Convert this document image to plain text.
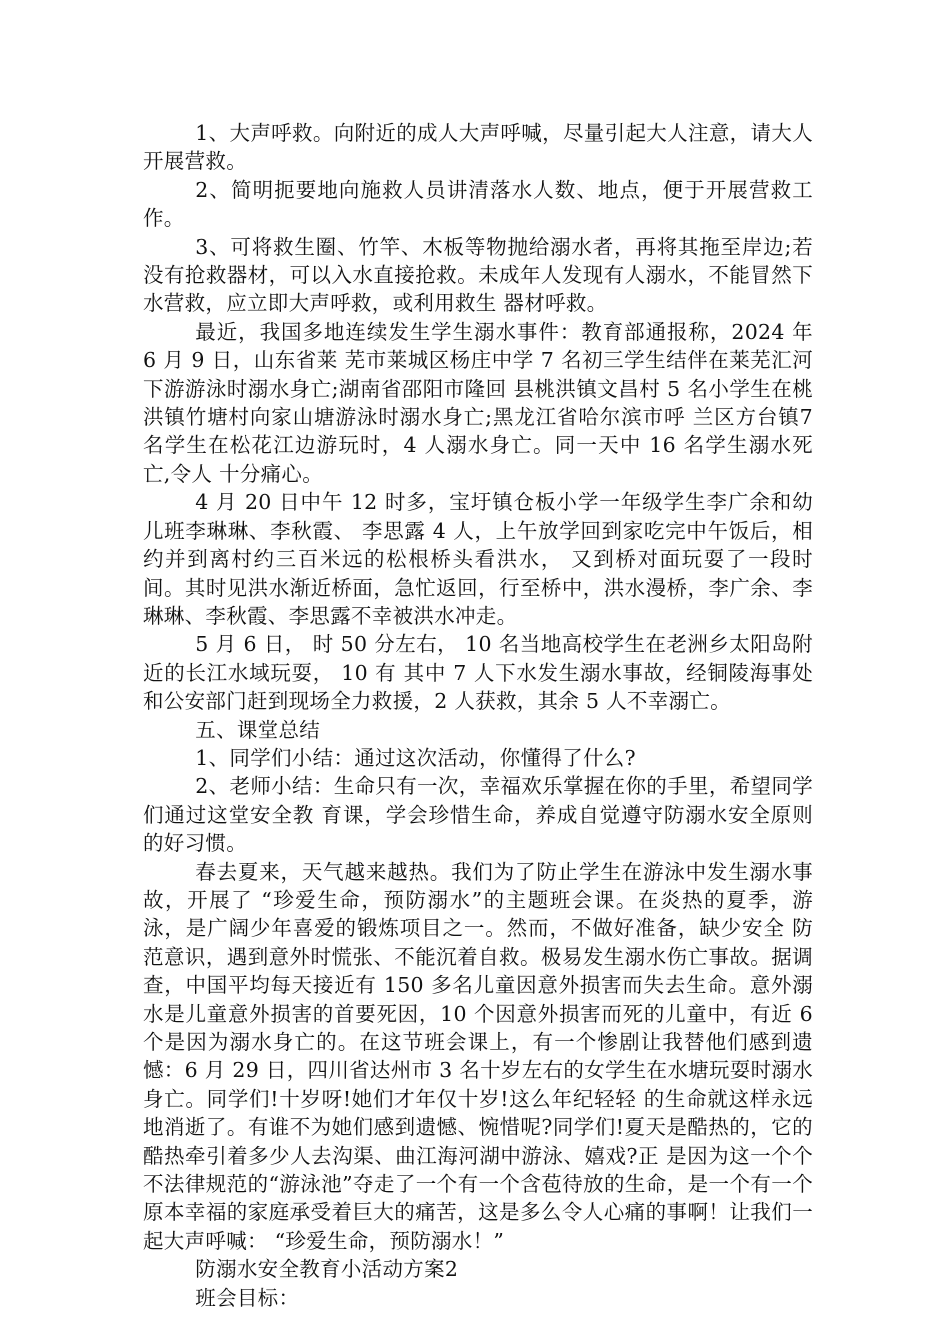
1、大声呼救。向附近的成人大声呼喊，尽量引起大人注意，请大人开展营救。

2、简明扼要地向施救人员讲清落水人数、地点，便于开展营救工作。

3、可将救生圈、竹竿、木板等物抛给溺水者，再将其拖至岸边;若没有抢救器材，可以入水直接抢救。未成年人发现有人溺水，不能冒然下水营救，应立即大声呼救，或利用救生 器材呼救。

最近，我国多地连续发生学生溺水事件：教育部通报称，2024 年 6 月 9 日，山东省莱 芜市莱城区杨庄中学 7 名初三学生结伴在莱芜汇河下游游泳时溺水身亡;湖南省邵阳市隆回 县桃洪镇文昌村 5 名小学生在桃洪镇竹塘村向家山塘游泳时溺水身亡;黑龙江省哈尔滨市呼 兰区方台镇7 名学生在松花江边游玩时，4 人溺水身亡。同一天中 16 名学生溺水死亡,令人 十分痛心。

4 月 20 日中午 12 时多，宝圩镇仓板小学一年级学生李广余和幼儿班李琳琳、李秋霞、 李思露 4 人，上午放学回到家吃完中午饭后，相约并到离村约三百米远的松根桥头看洪水， 又到桥对面玩耍了一段时间。其时见洪水渐近桥面，急忙返回，行至桥中，洪水漫桥，李广余、李琳琳、李秋霞、李思露不幸被洪水冲走。

5 月 6 日， 时 50 分左右， 10 名当地高校学生在老洲乡太阳岛附近的长江水域玩耍， 10 有 其中 7 人下水发生溺水事故，经铜陵海事处和公安部门赶到现场全力救援，2 人获救，其余 5 人不幸溺亡。

五、课堂总结

1、同学们小结：通过这次活动，你懂得了什么?

2、老师小结：生命只有一次，幸福欢乐掌握在你的手里，希望同学们通过这堂安全教 育课，学会珍惜生命，养成自觉遵守防溺水安全原则的好习惯。

春去夏来，天气越来越热。我们为了防止学生在游泳中发生溺水事故，开展了 “珍爱生命，预防溺水”的主题班会课。在炎热的夏季，游泳，是广阔少年喜爱的锻炼项目之一。然而，不做好准备，缺少安全 防范意识，遇到意外时慌张、不能沉着自救。极易发生溺水伤亡事故。据调查，中国平均每天接近有 150 多名儿童因意外损害而失去生命。意外溺水是儿童意外损害的首要死因，10 个因意外损害而死的儿童中，有近 6 个是因为溺水身亡的。在这节班会课上，有一个惨剧让我替他们感到遗憾：6 月 29 日，四川省达州市 3 名十岁左右的女学生在水塘玩耍时溺水身亡。同学们!十岁呀!她们才年仅十岁!这么年纪轻轻 的生命就这样永远地消逝了。有谁不为她们感到遗憾、惋惜呢?同学们!夏天是酷热的，它的酷热牵引着多少人去沟渠、曲江海河湖中游泳、嬉戏?正 是因为这一个个不法律规范的“游泳池”夺走了一个有一个含苞待放的生命，是一个有一个原本幸福的家庭承受着巨大的痛苦，这是多么令人心痛的事啊！让我们一起大声呼喊： “珍爱生命，预防溺水！”

防溺水安全教育小活动方案2

班会目标：
